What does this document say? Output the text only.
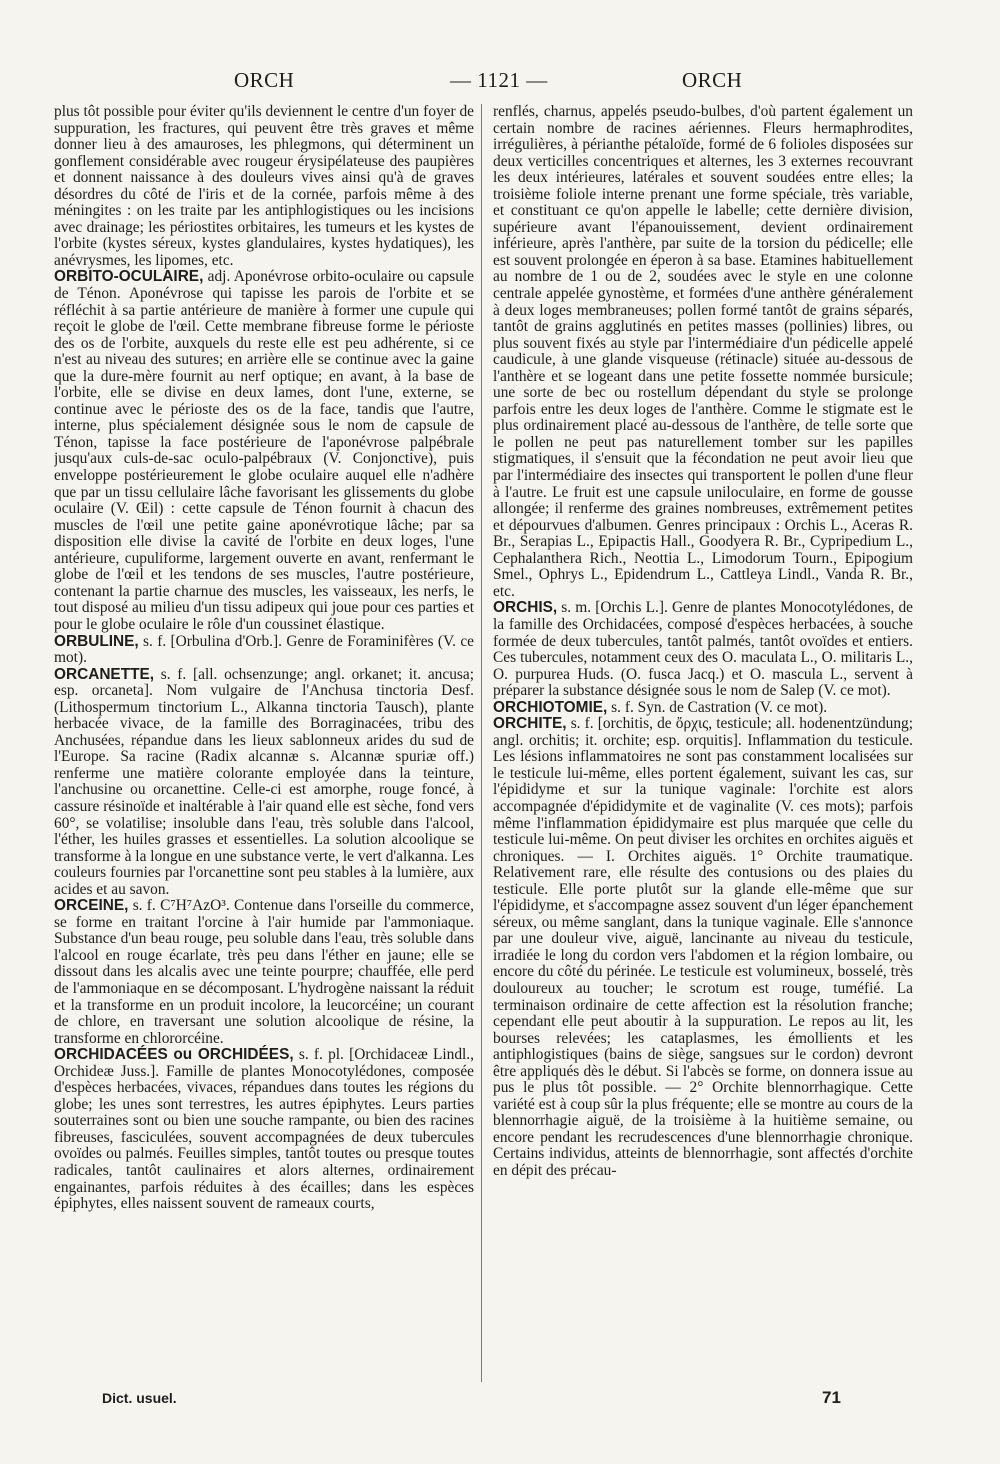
ORCH	— 1121 —	ORCH

plus tôt possible pour éviter qu'ils deviennent le centre d'un foyer de suppuration, les fractures, qui peuvent être très graves et même donner lieu à des amauroses, les phlegmons, qui déterminent un gonflement considérable avec rougeur érysipélateuse des paupières et donnent naissance à des douleurs vives ainsi qu'à de graves désordres du côté de l'iris et de la cornée, parfois même à des méningites : on les traite par les antiphlogistiques ou les incisions avec drainage; les périostites orbitaires, les tumeurs et les kystes de l'orbite (kystes séreux, kystes glandulaires, kystes hydatiques), les anévrysmes, les lipomes, etc.

ORBITO-OCULAIRE, adj. Aponévrose orbito-oculaire ou capsule de Ténon. Aponévrose qui tapisse les parois de l'orbite et se réfléchit à sa partie antérieure de manière à former une cupule qui reçoit le globe de l'œil. Cette membrane fibreuse forme le périoste des os de l'orbite, auxquels du reste elle est peu adhérente, si ce n'est au niveau des sutures; en arrière elle se continue avec la gaine que la dure-mère fournit au nerf optique; en avant, à la base de l'orbite, elle se divise en deux lames, dont l'une, externe, se continue avec le périoste des os de la face, tandis que l'autre, interne, plus spécialement désignée sous le nom de capsule de Ténon, tapisse la face postérieure de l'aponévrose palpébrale jusqu'aux culs-de-sac oculo-palpébraux (V. Conjonctive), puis enveloppe postérieurement le globe oculaire auquel elle n'adhère que par un tissu cellulaire lâche favorisant les glissements du globe oculaire (V. Œil) : cette capsule de Ténon fournit à chacun des muscles de l'œil une petite gaine aponévrotique lâche; par sa disposition elle divise la cavité de l'orbite en deux loges, l'une antérieure, cupuliforme, largement ouverte en avant, renfermant le globe de l'œil et les tendons de ses muscles, l'autre postérieure, contenant la partie charnue des muscles, les vaisseaux, les nerfs, le tout disposé au milieu d'un tissu adipeux qui joue pour ces parties et pour le globe oculaire le rôle d'un coussinet élastique.

ORBULINE, s. f. [Orbulina d'Orb.]. Genre de Foraminifères (V. ce mot).

ORCANETTE, s. f. [all. ochsenzunge; angl. orkanet; it. ancusa; esp. orcaneta]. Nom vulgaire de l'Anchusa tinctoria Desf. (Lithospermum tinctorium L., Alkanna tinctoria Tausch), plante herbacée vivace, de la famille des Borraginacées, tribu des Anchusées, répandue dans les lieux sablonneux arides du sud de l'Europe. Sa racine (Radix alcannæ s. Alcannæ spuriæ off.) renferme une matière colorante employée dans la teinture, l'anchusine ou orcanettine. Celle-ci est amorphe, rouge foncé, à cassure résinoïde et inaltérable à l'air quand elle est sèche, fond vers 60°, se volatilise; insoluble dans l'eau, très soluble dans l'alcool, l'éther, les huiles grasses et essentielles. La solution alcoolique se transforme à la longue en une substance verte, le vert d'alkanna. Les couleurs fournies par l'orcanettine sont peu stables à la lumière, aux acides et au savon.

ORCEINE, s. f. C⁷H⁷AzO³. Contenue dans l'orseille du commerce, se forme en traitant l'orcine à l'air humide par l'ammoniaque. Substance d'un beau rouge, peu soluble dans l'eau, très soluble dans l'alcool en rouge écarlate, très peu dans l'éther en jaune; elle se dissout dans les alcalis avec une teinte pourpre; chauffée, elle perd de l'ammoniaque en se décomposant. L'hydrogène naissant la réduit et la transforme en un produit incolore, la leucorcéine; un courant de chlore, en traversant une solution alcoolique de résine, la transforme en chlororcéine.

ORCHIDACÉES ou ORCHIDÉES, s. f. pl. [Orchidaceæ Lindl., Orchideæ Juss.]. Famille de plantes Monocotylédones, composée d'espèces herbacées, vivaces, répandues dans toutes les régions du globe; les unes sont terrestres, les autres épiphytes. Leurs parties souterraines sont ou bien une souche rampante, ou bien des racines fibreuses, fasciculées, souvent accompagnées de deux tubercules ovoïdes ou palmés. Feuilles simples, tantôt toutes ou presque toutes radicales, tantôt caulinaires et alors alternes, ordinairement engainantes, parfois réduites à des écailles; dans les espèces épiphytes, elles naissent souvent de rameaux courts,

renflés, charnus, appelés pseudo-bulbes, d'où partent également un certain nombre de racines aériennes. Fleurs hermaphrodites, irrégulières, à périanthe pétaloïde, formé de 6 folioles disposées sur deux verticilles concentriques et alternes, les 3 externes recouvrant les deux intérieures, latérales et souvent soudées entre elles; la troisième foliole interne prenant une forme spéciale, très variable, et constituant ce qu'on appelle le labelle; cette dernière division, supérieure avant l'épanouissement, devient ordinairement inférieure, après l'anthère, par suite de la torsion du pédicelle; elle est souvent prolongée en éperon à sa base. Etamines habituellement au nombre de 1 ou de 2, soudées avec le style en une colonne centrale appelée gynostème, et formées d'une anthère généralement à deux loges membraneuses; pollen formé tantôt de grains séparés, tantôt de grains agglutinés en petites masses (pollinies) libres, ou plus souvent fixés au style par l'intermédiaire d'un pédicelle appelé caudicule, à une glande visqueuse (rétinacle) située au-dessous de l'anthère et se logeant dans une petite fossette nommée bursicule; une sorte de bec ou rostellum dépendant du style se prolonge parfois entre les deux loges de l'anthère. Comme le stigmate est le plus ordinairement placé au-dessous de l'anthère, de telle sorte que le pollen ne peut pas naturellement tomber sur les papilles stigmatiques, il s'ensuit que la fécondation ne peut avoir lieu que par l'intermédiaire des insectes qui transportent le pollen d'une fleur à l'autre. Le fruit est une capsule uniloculaire, en forme de gousse allongée; il renferme des graines nombreuses, extrêmement petites et dépourvues d'albumen. Genres principaux : Orchis L., Aceras R. Br., Serapias L., Epipactis Hall., Goodyera R. Br., Cypripedium L., Cephalanthera Rich., Neottia L., Limodorum Tourn., Epipogium Smel., Ophrys L., Epidendrum L., Cattleya Lindl., Vanda R. Br., etc.

ORCHIS, s. m. [Orchis L.]. Genre de plantes Monocotylédones, de la famille des Orchidacées, composé d'espèces herbacées, à souche formée de deux tubercules, tantôt palmés, tantôt ovoïdes et entiers. Ces tubercules, notamment ceux des O. maculata L., O. militaris L., O. purpurea Huds. (O. fusca Jacq.) et O. mascula L., servent à préparer la substance désignée sous le nom de Salep (V. ce mot).

ORCHIOTOMIE, s. f. Syn. de Castration (V. ce mot).

ORCHITE, s. f. [orchitis, de ὄρχις, testicule; all. hodenentzündung; angl. orchitis; it. orchite; esp. orquitis]. Inflammation du testicule. Les lésions inflammatoires ne sont pas constamment localisées sur le testicule lui-même, elles portent également, suivant les cas, sur l'épididyme et sur la tunique vaginale: l'orchite est alors accompagnée d'épididymite et de vaginalite (V. ces mots); parfois même l'inflammation épididymaire est plus marquée que celle du testicule lui-même. On peut diviser les orchites en orchites aiguës et chroniques. — I. Orchites aiguës. 1° Orchite traumatique. Relativement rare, elle résulte des contusions ou des plaies du testicule. Elle porte plutôt sur la glande elle-même que sur l'épididyme, et s'accompagne assez souvent d'un léger épanchement séreux, ou même sanglant, dans la tunique vaginale. Elle s'annonce par une douleur vive, aiguë, lancinante au niveau du testicule, irradiée le long du cordon vers l'abdomen et la région lombaire, ou encore du côté du périnée. Le testicule est volumineux, bosselé, très douloureux au toucher; le scrotum est rouge, tuméfié. La terminaison ordinaire de cette affection est la résolution franche; cependant elle peut aboutir à la suppuration. Le repos au lit, les bourses relevées; les cataplasmes, les émollients et les antiphlogistiques (bains de siège, sangsues sur le cordon) devront être appliqués dès le début. Si l'abcès se forme, on donnera issue au pus le plus tôt possible. — 2° Orchite blennorrhagique. Cette variété est à coup sûr la plus fréquente; elle se montre au cours de la blennorrhagie aiguë, de la troisième à la huitième semaine, ou encore pendant les recrudescences d'une blennorrhagie chronique. Certains individus, atteints de blennorrhagie, sont affectés d'orchite en dépit des précau-

Dict. usuel.	71
